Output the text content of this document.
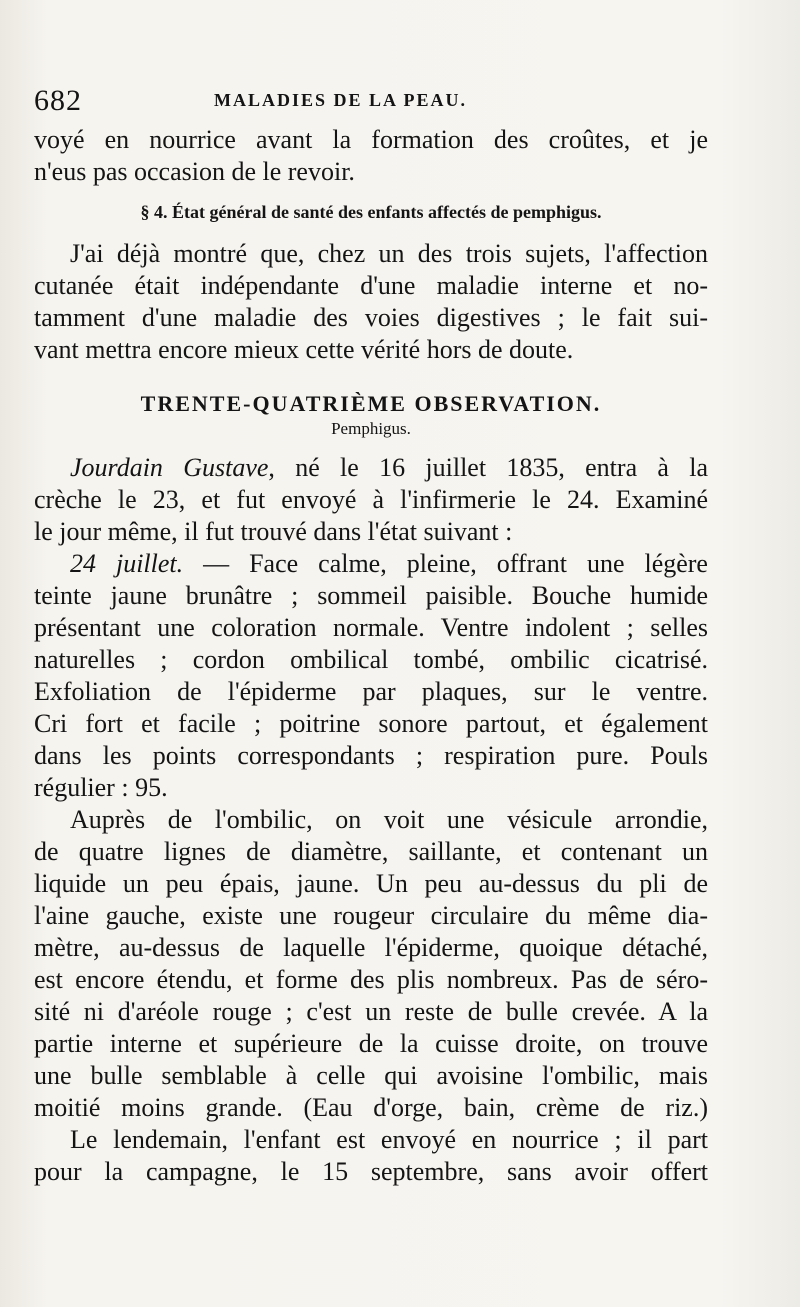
682	MALADIES DE LA PEAU.
voyé en nourrice avant la formation des croûtes, et je
n'eus pas occasion de le revoir.
§ 4. État général de santé des enfants affectés de pemphigus.
J'ai déjà montré que, chez un des trois sujets, l'affection
cutanée était indépendante d'une maladie interne et no-
tamment d'une maladie des voies digestives ; le fait sui-
vant mettra encore mieux cette vérité hors de doute.
TRENTE-QUATRIÈME OBSERVATION.
Pemphigus.
Jourdain Gustave, né le 16 juillet 1835, entra à la
crèche le 23, et fut envoyé à l'infirmerie le 24. Examiné
le jour même, il fut trouvé dans l'état suivant :
24 juillet. — Face calme, pleine, offrant une légère
teinte jaune brunâtre ; sommeil paisible. Bouche humide
présentant une coloration normale. Ventre indolent ; selles
naturelles ; cordon ombilical tombé, ombilic cicatrisé.
Exfoliation de l'épiderme par plaques, sur le ventre.
Cri fort et facile ; poitrine sonore partout, et également
dans les points correspondants ; respiration pure. Pouls
régulier : 95.
Auprès de l'ombilic, on voit une vésicule arrondie,
de quatre lignes de diamètre, saillante, et contenant un
liquide un peu épais, jaune. Un peu au-dessus du pli de
l'aine gauche, existe une rougeur circulaire du même dia-
mètre, au-dessus de laquelle l'épiderme, quoique détaché,
est encore étendu, et forme des plis nombreux. Pas de séro-
sité ni d'aréole rouge ; c'est un reste de bulle crevée. A la
partie interne et supérieure de la cuisse droite, on trouve
une bulle semblable à celle qui avoisine l'ombilic, mais
moitié moins grande. (Eau d'orge, bain, crème de riz.)
Le lendemain, l'enfant est envoyé en nourrice ; il part
pour la campagne, le 15 septembre, sans avoir offert
